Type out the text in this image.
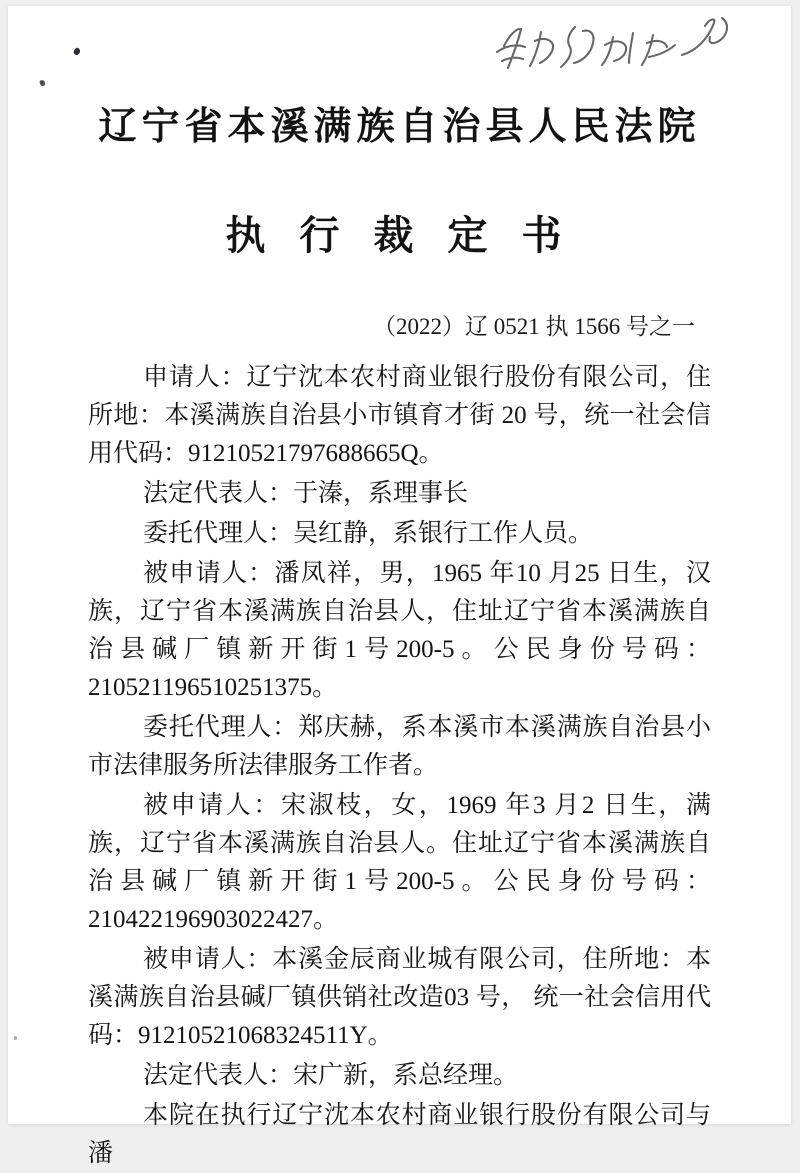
辽宁省本溪满族自治县人民法院
执 行 裁 定 书
（2022）辽 0521 执 1566 号之一

申请人：辽宁沈本农村商业银行股份有限公司，住所地：本溪满族自治县小市镇育才街 20 号，统一社会信用代码：91210521797688665Q。

法定代表人：于溱，系理事长

委托代理人：吴红静，系银行工作人员。

被申请人：潘凤祥，男，1965 年10 月25 日生，汉族，辽宁省本溪满族自治县人，住址辽宁省本溪满族自治县碱厂镇新开街1号200-5。公民身份号码：210521196510251375。

委托代理人：郑庆赫，系本溪市本溪满族自治县小市法律服务所法律服务工作者。

被申请人：宋淑枝，女，1969 年3 月2 日生，满族，辽宁省本溪满族自治县人。住址辽宁省本溪满族自治县碱厂镇新开街1号200-5。公民身份号码：210422196903022427。

被申请人：本溪金辰商业城有限公司，住所地：本溪满族自治县碱厂镇供销社改造03 号， 统一社会信用代码：91210521068324511Y。

法定代表人：宋广新，系总经理。

本院在执行辽宁沈本农村商业银行股份有限公司与潘
